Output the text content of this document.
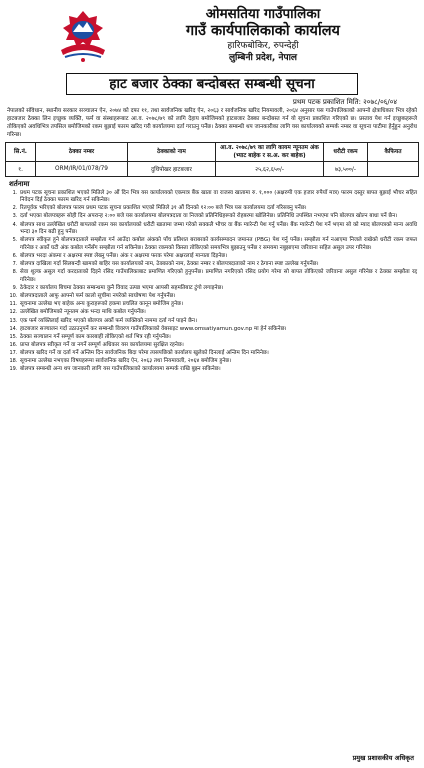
ओमसतिया गाउँपालिका
गाउँ कार्यपालिकाको कार्यालय
हारिफबोकिर, रुपन्देही
लुम्बिनी प्रदेश, नेपाल
हाट बजार ठेक्का बन्दोबस्त सम्बन्धी सूचना
प्रथम पटक प्रकाशित मिति: २०७८/०६/०४
नेपालको संविधान, स्थानीय सरकार सञ्चालन ऐन, २०७४ को दफा ११, तथा सार्वजनिक खरिद ऐन, २०६३ र सार्वजनिक खरिद नियमावली, २०६४ अनुसार यस गाउँपालिकाको आफ्नो क्षेत्राधिकार भित्र रहेको हाटबजार ठेक्का लिन इच्छुक व्यक्ति, फर्म वा संस्थाहरूबाट आ.व. २०७८/७९ को लागि देहाय बमोजिमको हाटबजार ठेक्का बन्दोबस्त गर्न यो सूचना प्रकाशित गरिएको छ। प्रस्ताव पेश गर्न इच्छुकहरूले तोकिएको अवधिभित्र तपसिल बमोजिमको रकम बुझाई फारम खरिद गरी कार्यालयमा दर्ता गराउनु पर्नेछ। ठेक्का सम्बन्धी थप जानकारीका लागि यस कार्यालयको सम्पर्क नम्बर वा सूचना पाटीमा हेर्नुहुन अनुरोध गरिन्छ।
सि.नं.	ठेक्का नम्बर	ठेक्काको नाम	आ.व. २०७८/७९ का लागि कायम न्यूनतम अंक (भ्याट बाहेक र स.अ. कर बाहेक)	धरौटी रकम	कैफियत
१.	ORM/IR/01/078/79	दुधिपोखर हाटबजार	२५,६२,६५०/-	७३,५००/-	
शर्तनामा
1. प्रथम पटक सूचना प्रकाशित भएको मितिले ३० औं दिन भित्र यस कार्यालयको एकमात्र बैंक खाता वा राजस्व खातामा रु. १,००० (अक्षरुपी एक हजार रुपैयाँ मात्र) फारम दस्तुर बापत बुझाई भौचर सहित निवेदन दिई ठेक्का फारम खरिद गर्न सकिनेछ।
2. रितपूर्वक भरिएको बोलपत्र फारम प्रथम पटक सूचना प्रकाशित भएको मितिले ३१ औं दिनको १२:०० बजे भित्र यस कार्यालयमा दर्ता गरिसक्नु पर्नेछ।
3. दर्ता भएका बोलपत्रहरू सोही दिन अपरान्ह २:०० बजे यस कार्यालयमा बोलपत्रदाता वा निजको प्रतिनिधिहरूको रोहबरमा खोलिनेछ। प्रतिनिधि उपस्थित नभएमा पनि बोलपत्र खोल्न बाधा पर्ने छैन।
4. बोलपत्र साथ उल्लेखित धरौटी बापतको रकम यस कार्यालयको धरौटी खातामा जम्मा गरेको सक्कलै भौचर वा बैंक ग्यारेन्टी पेश गर्नु पर्नेछ। बैंक ग्यारेन्टी पेश गर्ने भएमा सो को म्याद बोलपत्रको मान्य अवधि भन्दा ३० दिन बढी हुनु पर्नेछ।
5. बोलपत्र स्वीकृत हुने बोलपत्रदाताले सम्झौता गर्न आउँदा कबोल अंकको पाँच प्रतिशत बराबरको कार्यसम्पादन जमानत (PBG) पेश गर्नु पर्नेछ। सम्झौता गर्न नआएमा निजले राखेको धरौटी रकम जफत गरिनेछ र अर्को घटी अंक कबोल गर्नेसँग सम्झौता गर्न सकिनेछ। ठेक्का रकमको किस्ता तोकिएको समयभित्र बुझाउनु पर्नेछ र समयमा नबुझाएमा जरिवाना सहित असुल उपर गरिनेछ।
6. बोलपत्र भरदा अंकमा र अक्षरमा स्पष्ट लेख्नु पर्नेछ। अंक र अक्षरमा फरक परेमा अक्षरलाई मान्यता दिइनेछ।
7. बोलपत्र दाखिला गर्दा सिलबन्दी खामको बाहिर यस कार्यालयको नाम, ठेक्काको नाम, ठेक्का नम्बर र बोलपत्रदाताको नाम र ठेगाना स्पष्ट उल्लेख गर्नुपर्नेछ।
8. सेवा शुल्क असुल गर्दा करदाताको दिइने रसिद गाउँपालिकाबाट प्रमाणित गरिएको हुनुपर्नेछ। प्रमाणित नगरिएको रसिद प्रयोग गरेमा सो बापत तोकिएको जरिवाना असुल गरिनेछ र ठेक्का सम्झौता रद्द गरिनेछ।
9. ठेकेदार र कार्यालय बिचमा ठेक्का सम्बन्धमा कुनै विवाद उत्पन्न भएमा आपसी सहमतिबाट टुंगो लगाइनेछ।
10. बोलपत्रदाताले आफू आफ्नो फर्म कालो सूचीमा नपरेको स्वघोषणा पेश गर्नुपर्नेछ।
11. सूचनामा उल्लेख भए बाहेक अन्य कुराहरूको हकमा प्रचलित कानून बमोजिम हुनेछ।
12. उल्लेखित बमोजिमको न्यूनतम अंक भन्दा माथि कबोल गर्नुपर्नेछ।
13. एक फर्म व्यक्तिलाई खरिद भएको बोलपत्र अर्को फर्म व्यक्तिको नाममा दर्ता गर्न पाइने छैन।
14. हाटबजार सञ्चालन गर्दा उठाउनुपर्ने कर सम्बन्धी विवरण गाउँपालिकाको वेबसाइट www.omsatiyamun.gov.np मा हेर्न सकिनेछ।
15. ठेक्का सञ्चालन गर्ने सम्पूर्ण काम कारबाही तोकिएको शर्त भित्र रही गर्नुपर्नेछ।
16. प्राप्त बोलपत्र स्वीकृत गर्ने वा नगर्ने सम्पूर्ण अधिकार यस कार्यालयमा सुरक्षित रहनेछ।
17. बोलपत्र खरिद गर्ने वा दर्ता गर्ने अन्तिम दिन सार्वजनिक बिदा परेमा त्यसपछिको कार्यालय खुलेको दिनलाई अन्तिम दिन मानिनेछ।
18. सूचनामा उल्लेख नभएका विषयहरूमा सार्वजनिक खरिद ऐन, २०६३ तथा नियमावली, २०६४ बमोजिम हुनेछ।
19. बोलपत्र सम्बन्धी अन्य थप जानकारी लागि यस गाउँपालिकाको कार्यालयमा सम्पर्क राखि बुझ्न सकिनेछ।
प्रमुख प्रशासकीय अधिकृत
